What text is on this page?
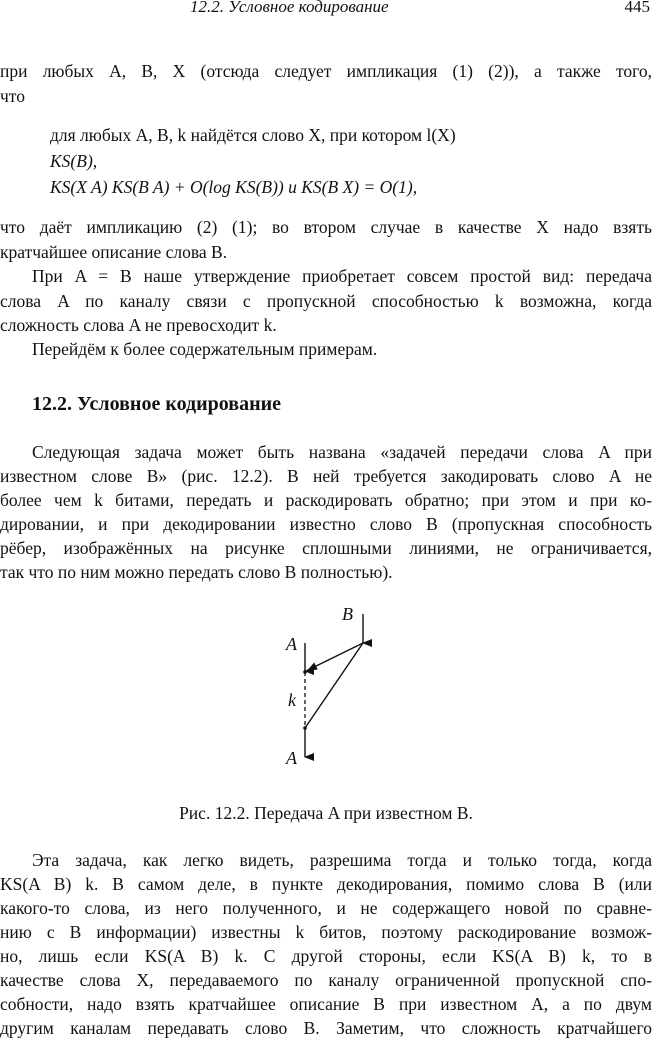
12.2. Условное кодирование	445
при любых A, B, X (отсюда следует импликация (1) (2)), а также того,
что
для любых A, B, k найдётся слово X, при котором l(X)
KS(B),
KS(X A) KS(B A) + O(log KS(B)) и KS(B X) = O(1),
что даёт импликацию (2) (1); во втором случае в качестве X надо взять
кратчайшее описание слова B.
При A = B наше утверждение приобретает совсем простой вид: передача
слова A по каналу связи с пропускной способностью k возможна, когда
сложность слова A не превосходит k.
Перейдём к более содержательным примерам.
12.2. Условное кодирование
Следующая задача может быть названа «задачей передачи слова A при
известном слове B» (рис. 12.2). В ней требуется закодировать слово A не
более чем k битами, передать и раскодировать обратно; при этом и при ко-
дировании, и при декодировании известно слово B (пропускная способность
рёбер, изображённых на рисунке сплошными линиями, не ограничивается,
так что по ним можно передать слово B полностью).
B
A
k
A
Рис. 12.2. Передача A при известном B.
Эта задача, как легко видеть, разрешима тогда и только тогда, когда
KS(A B) k. В самом деле, в пункте декодирования, помимо слова B (или
какого-то слова, из него полученного, и не содержащего новой по сравне-
нию с B информации) известны k битов, поэтому раскодирование возмож-
но, лишь если KS(A B) k. С другой стороны, если KS(A B) k, то в
качестве слова X, передаваемого по каналу ограниченной пропускной спо-
собности, надо взять кратчайшее описание B при известном A, а по двум
другим каналам передавать слово B. Заметим, что сложность кратчайшего
